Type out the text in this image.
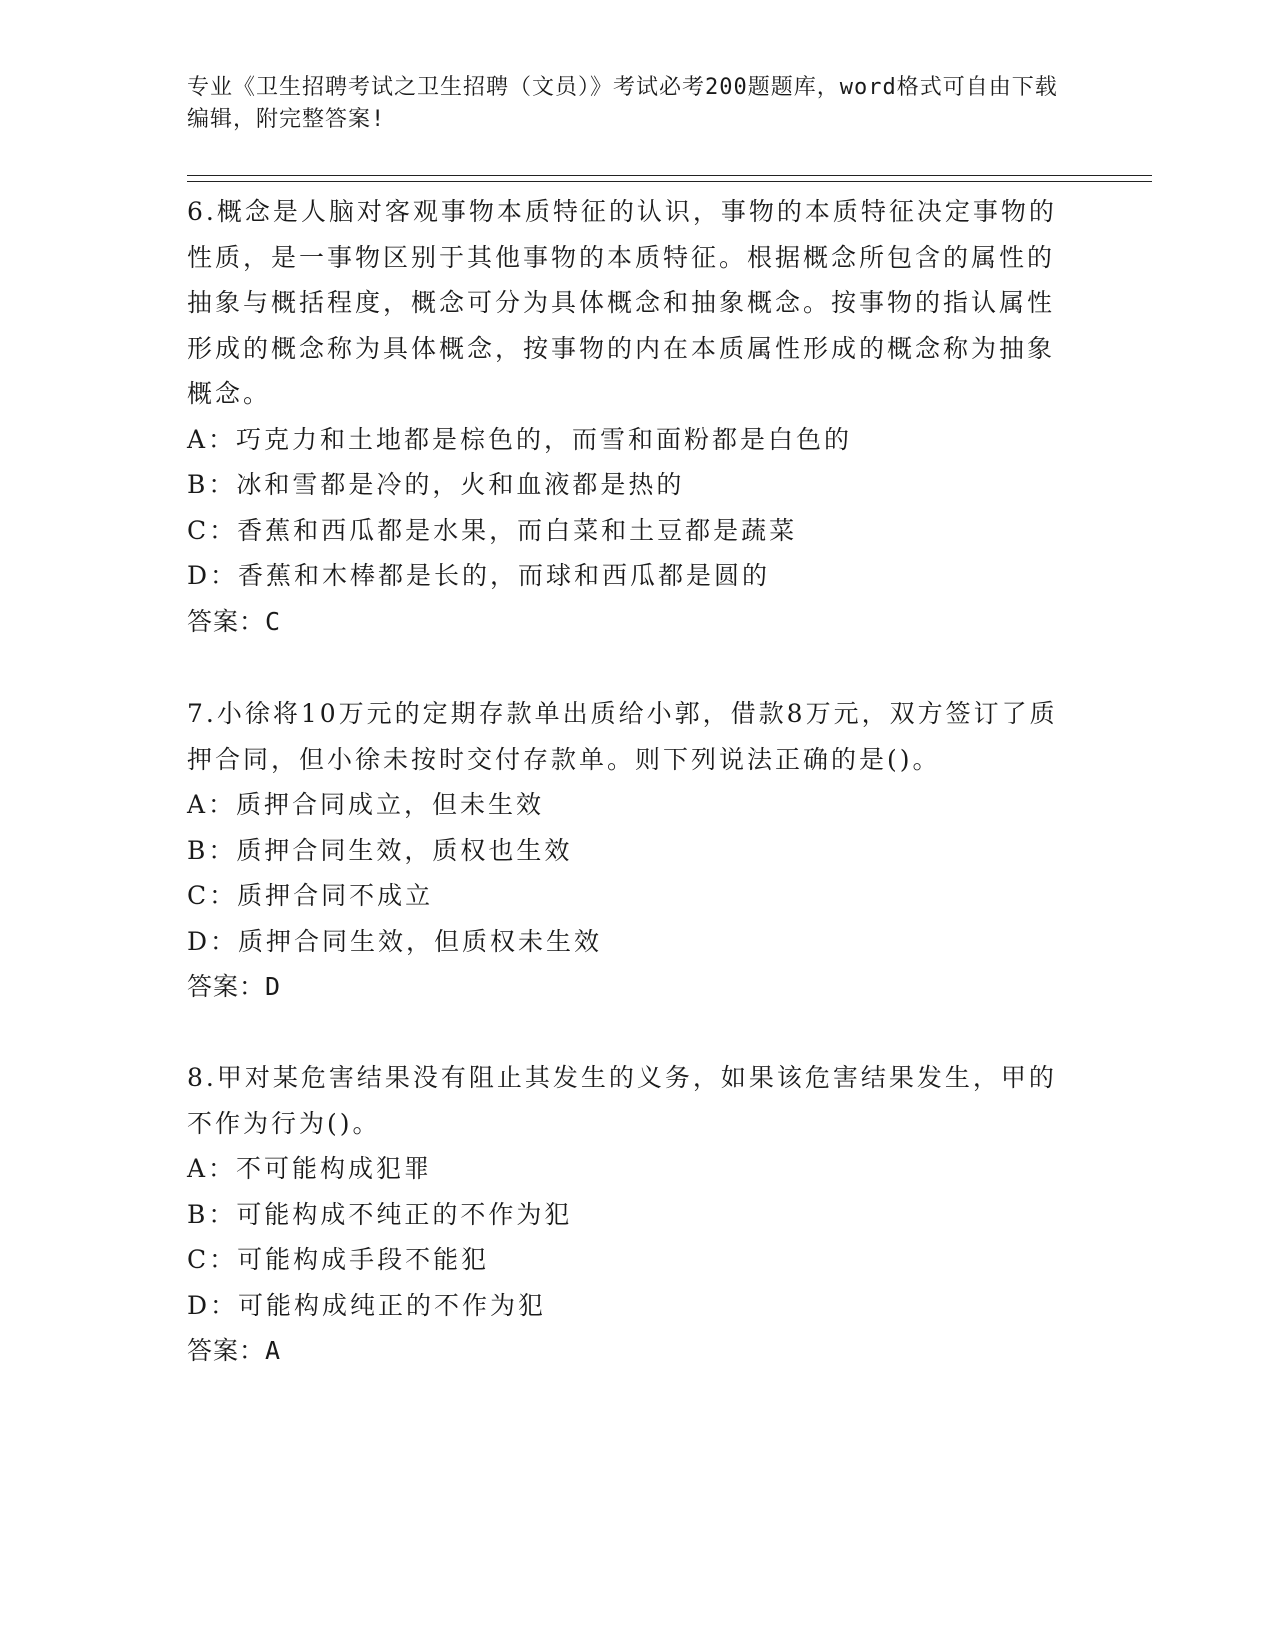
专业《卫生招聘考试之卫生招聘（文员）》考试必考200题题库，word格式可自由下载编辑，附完整答案!

6.概念是人脑对客观事物本质特征的认识，事物的本质特征决定事物的性质，是一事物区别于其他事物的本质特征。根据概念所包含的属性的抽象与概括程度，概念可分为具体概念和抽象概念。按事物的指认属性形成的概念称为具体概念，按事物的内在本质属性形成的概念称为抽象概念。

A：巧克力和土地都是棕色的，而雪和面粉都是白色的

B：冰和雪都是冷的，火和血液都是热的

C：香蕉和西瓜都是水果，而白菜和土豆都是蔬菜

D：香蕉和木棒都是长的，而球和西瓜都是圆的

答案：C

7.小徐将10万元的定期存款单出质给小郭，借款8万元，双方签订了质押合同，但小徐未按时交付存款单。则下列说法正确的是()。

A：质押合同成立，但未生效

B：质押合同生效，质权也生效

C：质押合同不成立

D：质押合同生效，但质权未生效

答案：D

8.甲对某危害结果没有阻止其发生的义务，如果该危害结果发生，甲的不作为行为()。

A：不可能构成犯罪

B：可能构成不纯正的不作为犯

C：可能构成手段不能犯

D：可能构成纯正的不作为犯

答案：A
